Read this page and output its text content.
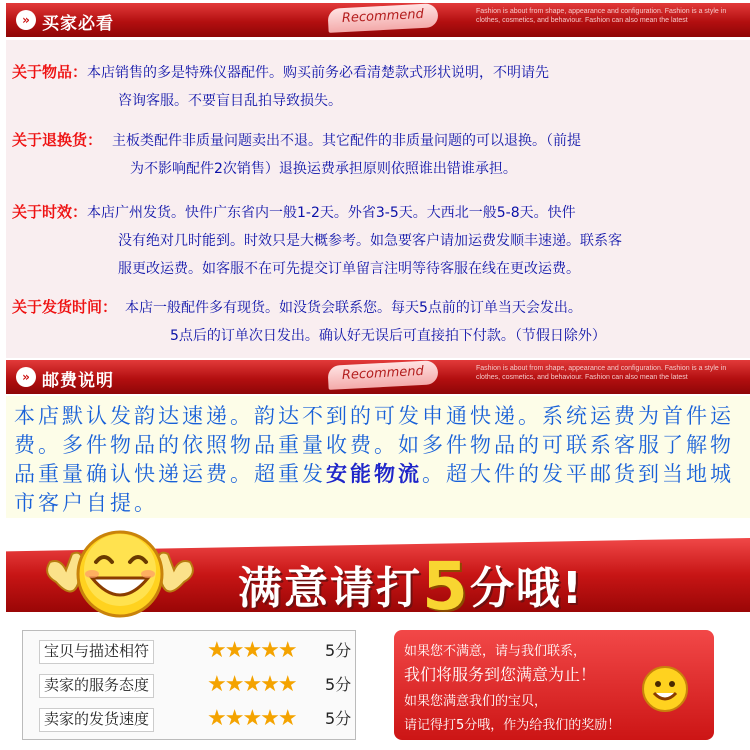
» 买家必看	Recommend	Fashion is about from shape, appearance and configuration. Fashion is a style in clothes, cosmetics, and behaviour. Fashion can also mean the latest
关于物品：本店销售的多是特殊仪器配件。购买前务必看清楚款式形状说明，不明请先
咨询客服。不要盲目乱拍导致损失。
关于退换货： 主板类配件非质量问题卖出不退。其它配件的非质量问题的可以退换。（前提
为不影响配件2次销售）退换运费承担原则依照谁出错谁承担。
关于时效：本店广州发货。快件广东省内一般1-2天。外省3-5天。大西北一般5-8天。快件
没有绝对几时能到。时效只是大概参考。如急要客户请加运费发顺丰速递。联系客
服更改运费。如客服不在可先提交订单留言注明等待客服在线在更改运费。
关于发货时间： 本店一般配件多有现货。如没货会联系您。每天5点前的订单当天会发出。
5点后的订单次日发出。确认好无误后可直接拍下付款。（节假日除外）
» 邮费说明	Recommend	Fashion is about from shape, appearance and configuration. Fashion is a style in clothes, cosmetics, and behaviour. Fashion can also mean the latest
本店默认发韵达速递。韵达不到的可发申通快递。系统运费为首件运费。多件物品的依照物品重量收费。如多件物品的可联系客服了解物品重量确认快递运费。超重发安能物流。超大件的发平邮货到当地城市客户自提。
满意请打5分哦!
宝贝与描述相符	★★★★★ 5分
卖家的服务态度	★★★★★ 5分
卖家的发货速度	★★★★★ 5分
如果您不满意，请与我们联系，
我们将服务到您满意为止！
如果您满意我们的宝贝，
请记得打5分哦，作为给我们的奖励！
